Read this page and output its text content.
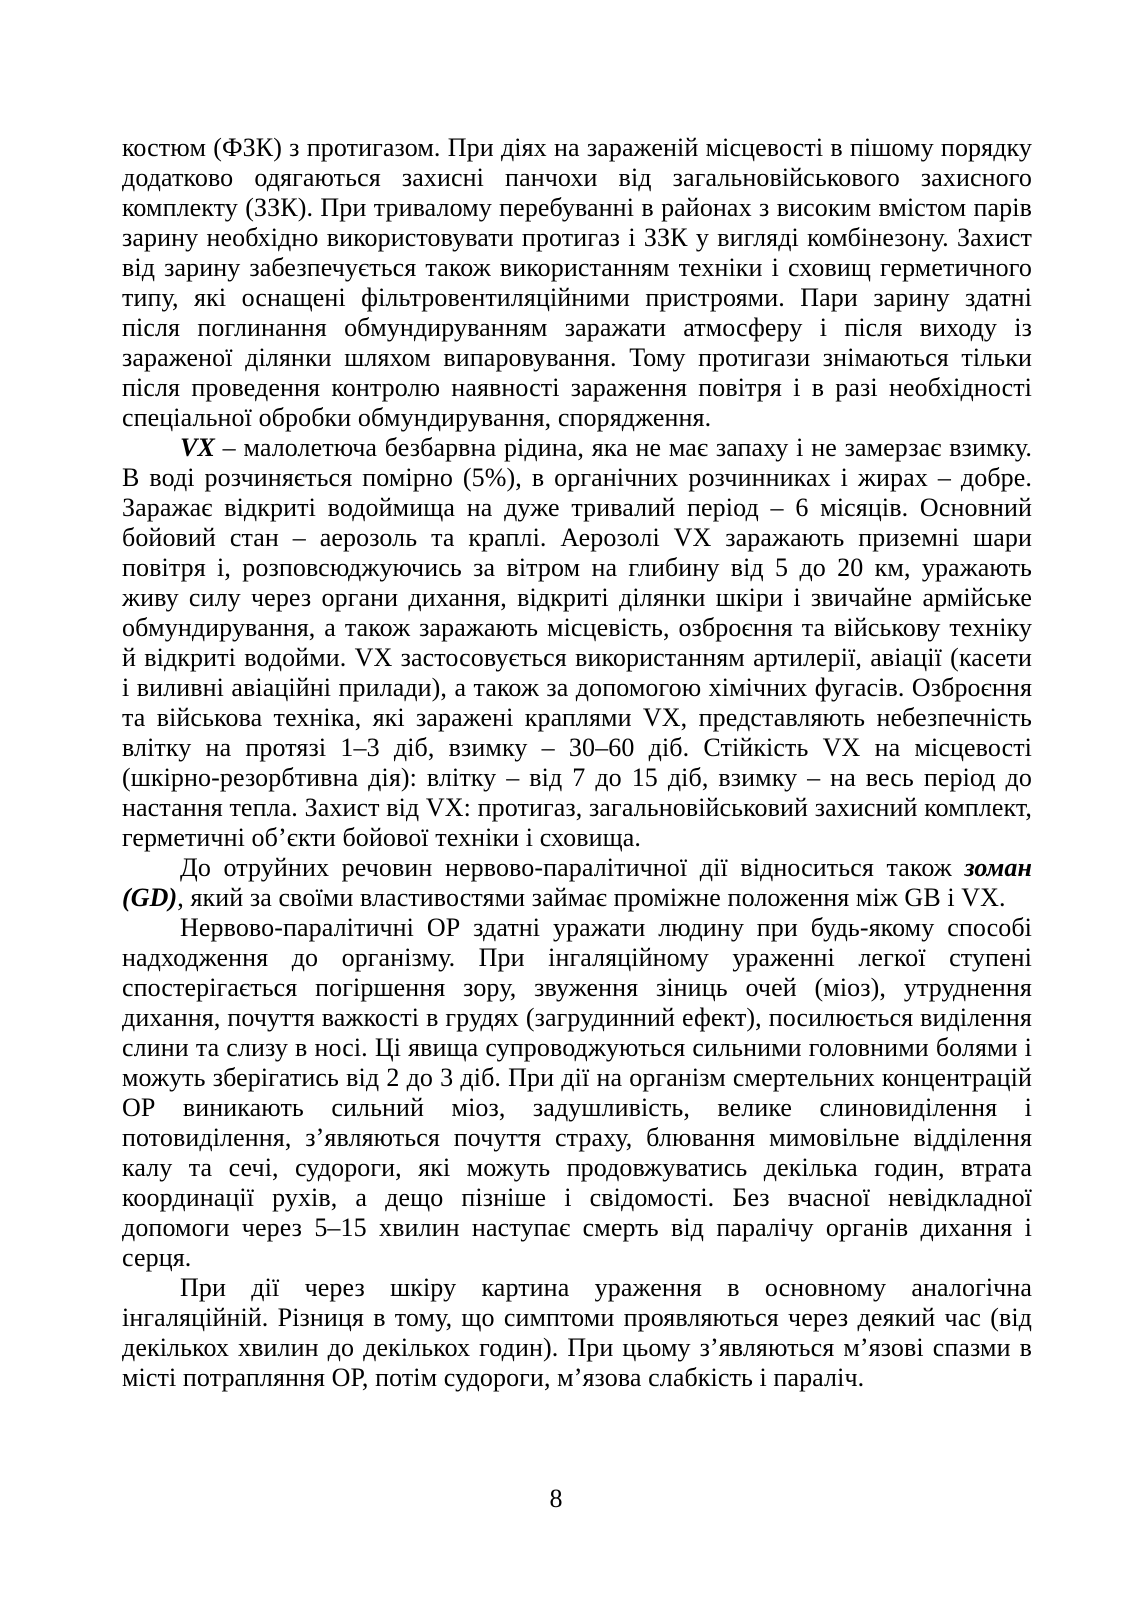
костюм (ФЗК) з протигазом. При діях на зараженій місцевості в пішому порядку додатково одягаються захисні панчохи від загальновійськового захисного комплекту (ЗЗК). При тривалому перебуванні в районах з високим вмістом парів зарину необхідно використовувати протигаз і ЗЗК у вигляді комбінезону. Захист від зарину забезпечується також використанням техніки і сховищ герметичного типу, які оснащені фільтровентиляційними пристроями. Пари зарину здатні після поглинання обмундируванням заражати атмосферу і після виходу із зараженої ділянки шляхом випаровування. Тому протигази знімаються тільки після проведення контролю наявності зараження повітря і в разі необхідності спеціальної обробки обмундирування, спорядження.

VX – малолетюча безбарвна рідина, яка не має запаху і не замерзає взимку. В воді розчиняється помірно (5%), в органічних розчинниках і жирах – добре. Заражає відкриті водоймища на дуже тривалий період – 6 місяців. Основний бойовий стан – аерозоль та краплі. Аерозолі VX заражають приземні шари повітря і, розповсюджуючись за вітром на глибину від 5 до 20 км, уражають живу силу через органи дихання, відкриті ділянки шкіри і звичайне армійське обмундирування, а також заражають місцевість, озброєння та військову техніку й відкриті водойми. VX застосовується використанням артилерії, авіації (касети і виливні авіаційні прилади), а також за допомогою хімічних фугасів. Озброєння та військова техніка, які заражені краплями VX, представляють небезпечність влітку на протязі 1–3 діб, взимку – 30–60 діб. Стійкість VX на місцевості (шкірно-резорбтивна дія): влітку – від 7 до 15 діб, взимку – на весь період до настання тепла. Захист від VX: протигаз, загальновійськовий захисний комплект, герметичні об’єкти бойової техніки і сховища.

До отруйних речовин нервово-паралітичної дії відноситься також зоман (GD), який за своїми властивостями займає проміжне положення між GB і VX.

Нервово-паралітичні ОР здатні уражати людину при будь-якому способі надходження до організму. При інгаляційному ураженні легкої ступені спостерігається погіршення зору, звуження зіниць очей (міоз), утруднення дихання, почуття важкості в грудях (загрудинний ефект), посилюється виділення слини та слизу в носі. Ці явища супроводжуються сильними головними болями і можуть зберігатись від 2 до 3 діб. При дії на організм смертельних концентрацій ОР виникають сильний міоз, задушливість, велике слиновиділення і потовиділення, з’являються почуття страху, блювання мимовільне відділення калу та сечі, судороги, які можуть продовжуватись декілька годин, втрата координації рухів, а дещо пізніше і свідомості. Без вчасної невідкладної допомоги через 5–15 хвилин наступає смерть від паралічу органів дихання і серця.

При дії через шкіру картина ураження в основному аналогічна інгаляційній. Різниця в тому, що симптоми проявляються через деякий час (від декількох хвилин до декількох годин). При цьому з’являються м’язові спазми в місті потрапляння ОР, потім судороги, м’язова слабкість і параліч.

8
